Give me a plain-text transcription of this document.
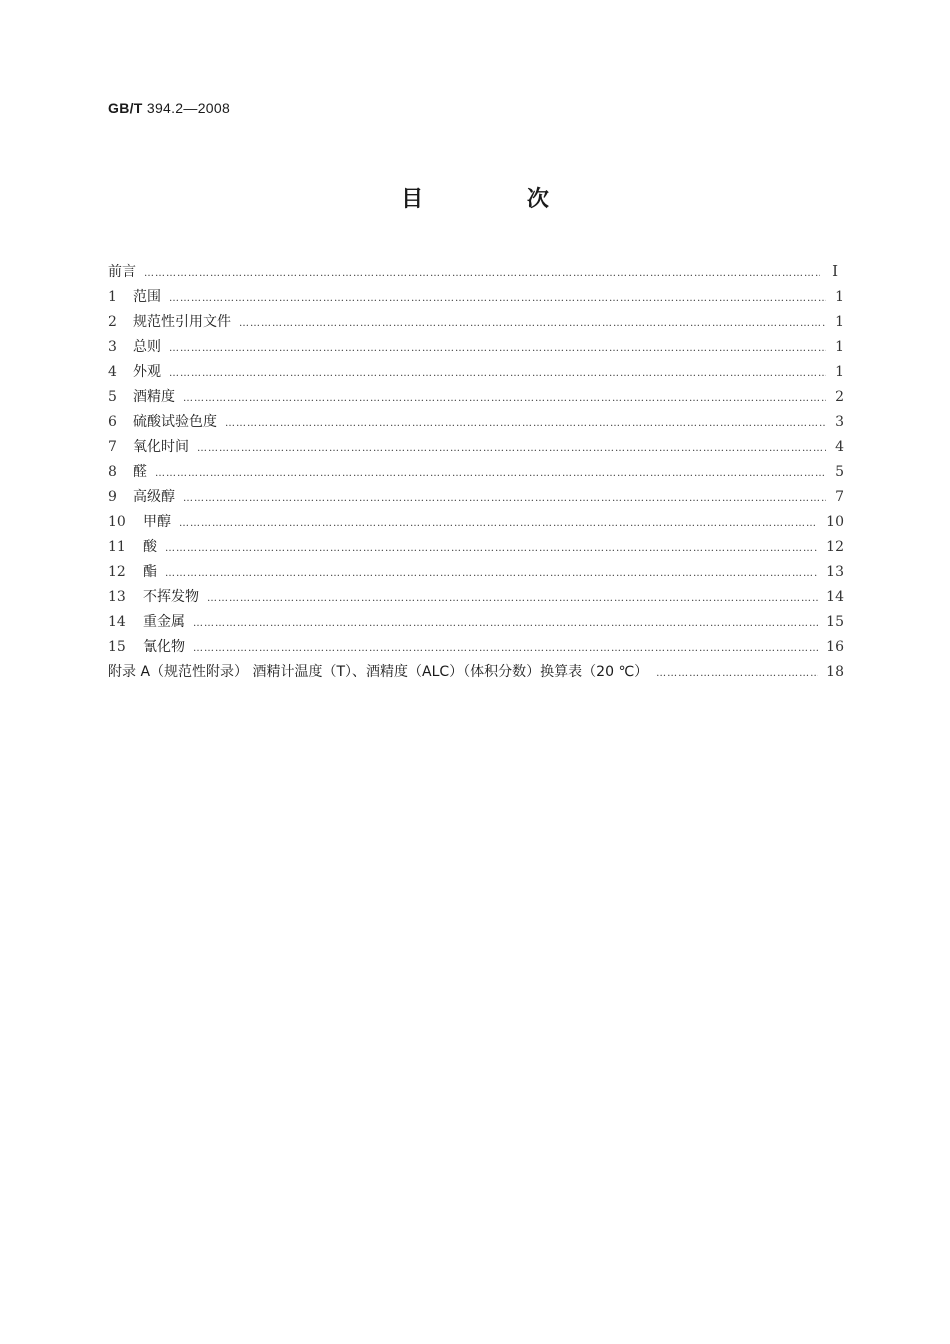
GB/T 394.2—2008
目 次
前言 …………………………………………………………………………………………………………………………………………………………………………………………………………………………	Ⅰ
1	范围 …………………………………………………………………………………………………………………………………………………………………………………………………………………………	1
2	规范性引用文件 …………………………………………………………………………………………………………………………………………………………………………………………………………………………	1
3	总则 …………………………………………………………………………………………………………………………………………………………………………………………………………………………	1
4	外观 …………………………………………………………………………………………………………………………………………………………………………………………………………………………	1
5	酒精度 …………………………………………………………………………………………………………………………………………………………………………………………………………………………	2
6	硫酸试验色度 …………………………………………………………………………………………………………………………………………………………………………………………………………………………	3
7	氧化时间 …………………………………………………………………………………………………………………………………………………………………………………………………………………………	4
8	醛 …………………………………………………………………………………………………………………………………………………………………………………………………………………………	5
9	高级醇 …………………………………………………………………………………………………………………………………………………………………………………………………………………………	7
10	甲醇 …………………………………………………………………………………………………………………………………………………………………………………………………………………………	10
11	酸 …………………………………………………………………………………………………………………………………………………………………………………………………………………………	12
12	酯 …………………………………………………………………………………………………………………………………………………………………………………………………………………………	13
13	不挥发物 …………………………………………………………………………………………………………………………………………………………………………………………………………………………	14
14	重金属 …………………………………………………………………………………………………………………………………………………………………………………………………………………………	15
15	氰化物 …………………………………………………………………………………………………………………………………………………………………………………………………………………………	16
附录 A（规范性附录） 酒精计温度（T）、酒精度（ALC）（体积分数）换算表（20 ℃） …………………………………………………………………………………………………………………………………………………………………………………………………………………………	18
